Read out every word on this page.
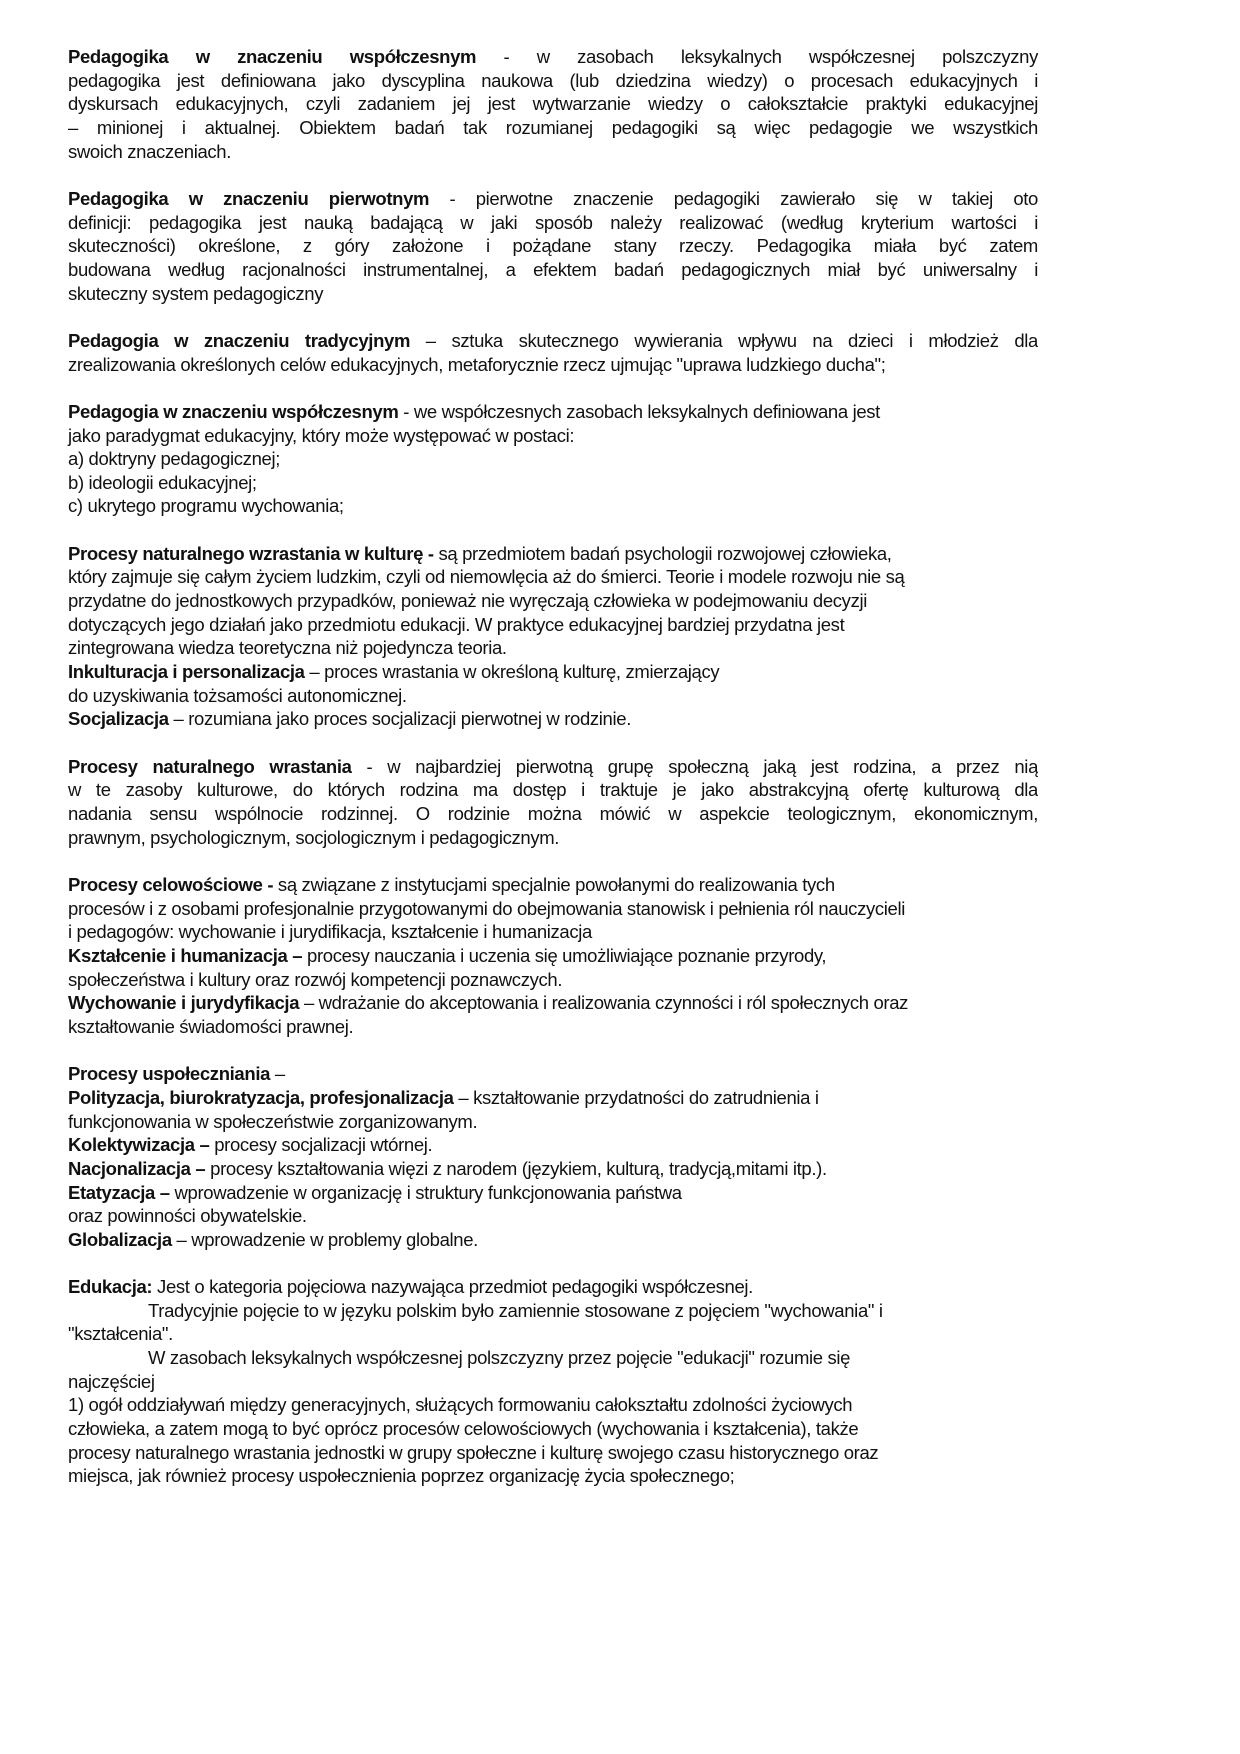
Pedagogika w znaczeniu współczesnym - w zasobach leksykalnych współczesnej polszczyzny
pedagogika jest definiowana jako dyscyplina naukowa (lub dziedzina wiedzy) o procesach edukacyjnych i
dyskursach edukacyjnych, czyli zadaniem jej jest wytwarzanie wiedzy o całokształcie praktyki edukacyjnej
– minionej i aktualnej. Obiektem badań tak rozumianej pedagogiki są więc pedagogie we wszystkich
swoich znaczeniach.
Pedagogika w znaczeniu pierwotnym - pierwotne znaczenie pedagogiki zawierało się w takiej oto
definicji: pedagogika jest nauką badającą w jaki sposób należy realizować (według kryterium wartości i
skuteczności) określone, z góry założone i pożądane stany rzeczy. Pedagogika miała być zatem
budowana według racjonalności instrumentalnej, a efektem badań pedagogicznych miał być uniwersalny i
skuteczny system pedagogiczny
Pedagogia w znaczeniu tradycyjnym – sztuka skutecznego wywierania wpływu na dzieci i młodzież dla
zrealizowania określonych celów edukacyjnych, metaforycznie rzecz ujmując "uprawa ludzkiego ducha";
Pedagogia w znaczeniu współczesnym - we współczesnych zasobach leksykalnych definiowana jest
jako paradygmat edukacyjny, który może występować w postaci:
a) doktryny pedagogicznej;
b) ideologii edukacyjnej;
c) ukrytego programu wychowania;
Procesy naturalnego wzrastania w kulturę - są przedmiotem badań psychologii rozwojowej człowieka,
który zajmuje się całym życiem ludzkim, czyli od niemowlęcia aż do śmierci. Teorie i modele rozwoju nie są
przydatne do jednostkowych przypadków, ponieważ nie wyręczają człowieka w podejmowaniu decyzji
dotyczących jego działań jako przedmiotu edukacji. W praktyce edukacyjnej bardziej przydatna jest
zintegrowana wiedza teoretyczna niż pojedyncza teoria.
Inkulturacja i personalizacja – proces wrastania w określoną kulturę, zmierzający
do uzyskiwania tożsamości autonomicznej.
Socjalizacja – rozumiana jako proces socjalizacji pierwotnej w rodzinie.
Procesy naturalnego wrastania - w najbardziej pierwotną grupę społeczną jaką jest rodzina, a przez nią
w te zasoby kulturowe, do których rodzina ma dostęp i traktuje je jako abstrakcyjną ofertę kulturową dla
nadania sensu wspólnocie rodzinnej. O rodzinie można mówić w aspekcie teologicznym, ekonomicznym,
prawnym, psychologicznym, socjologicznym i pedagogicznym.
Procesy celowościowe - są związane z instytucjami specjalnie powołanymi do realizowania tych
procesów i z osobami profesjonalnie przygotowanymi do obejmowania stanowisk i pełnienia ról nauczycieli
i pedagogów: wychowanie i jurydifikacja, kształcenie i humanizacja
Kształcenie i humanizacja – procesy nauczania i uczenia się umożliwiające poznanie przyrody,
społeczeństwa i kultury oraz rozwój kompetencji poznawczych.
Wychowanie i jurydyfikacja – wdrażanie do akceptowania i realizowania czynności i ról społecznych oraz
kształtowanie świadomości prawnej.
Procesy uspołeczniania –
Polityzacja, biurokratyzacja, profesjonalizacja – kształtowanie przydatności do zatrudnienia i
funkcjonowania w społeczeństwie zorganizowanym.
Kolektywizacja – procesy socjalizacji wtórnej.
Nacjonalizacja – procesy kształtowania więzi z narodem (językiem, kulturą, tradycją,mitami itp.).
Etatyzacja – wprowadzenie w organizację i struktury funkcjonowania państwa
oraz powinności obywatelskie.
Globalizacja – wprowadzenie w problemy globalne.
Edukacja: Jest o kategoria pojęciowa nazywająca przedmiot pedagogiki współczesnej.
Tradycyjnie pojęcie to w języku polskim było zamiennie stosowane z pojęciem "wychowania" i
"kształcenia".
W zasobach leksykalnych współczesnej polszczyzny przez pojęcie "edukacji" rozumie się
najczęściej
1) ogół oddziaływań między generacyjnych, służących formowaniu całokształtu zdolności życiowych
człowieka, a zatem mogą to być oprócz procesów celowościowych (wychowania i kształcenia), także
procesy naturalnego wrastania jednostki w grupy społeczne i kulturę swojego czasu historycznego oraz
miejsca, jak również procesy uspołecznienia poprzez organizację życia społecznego;
